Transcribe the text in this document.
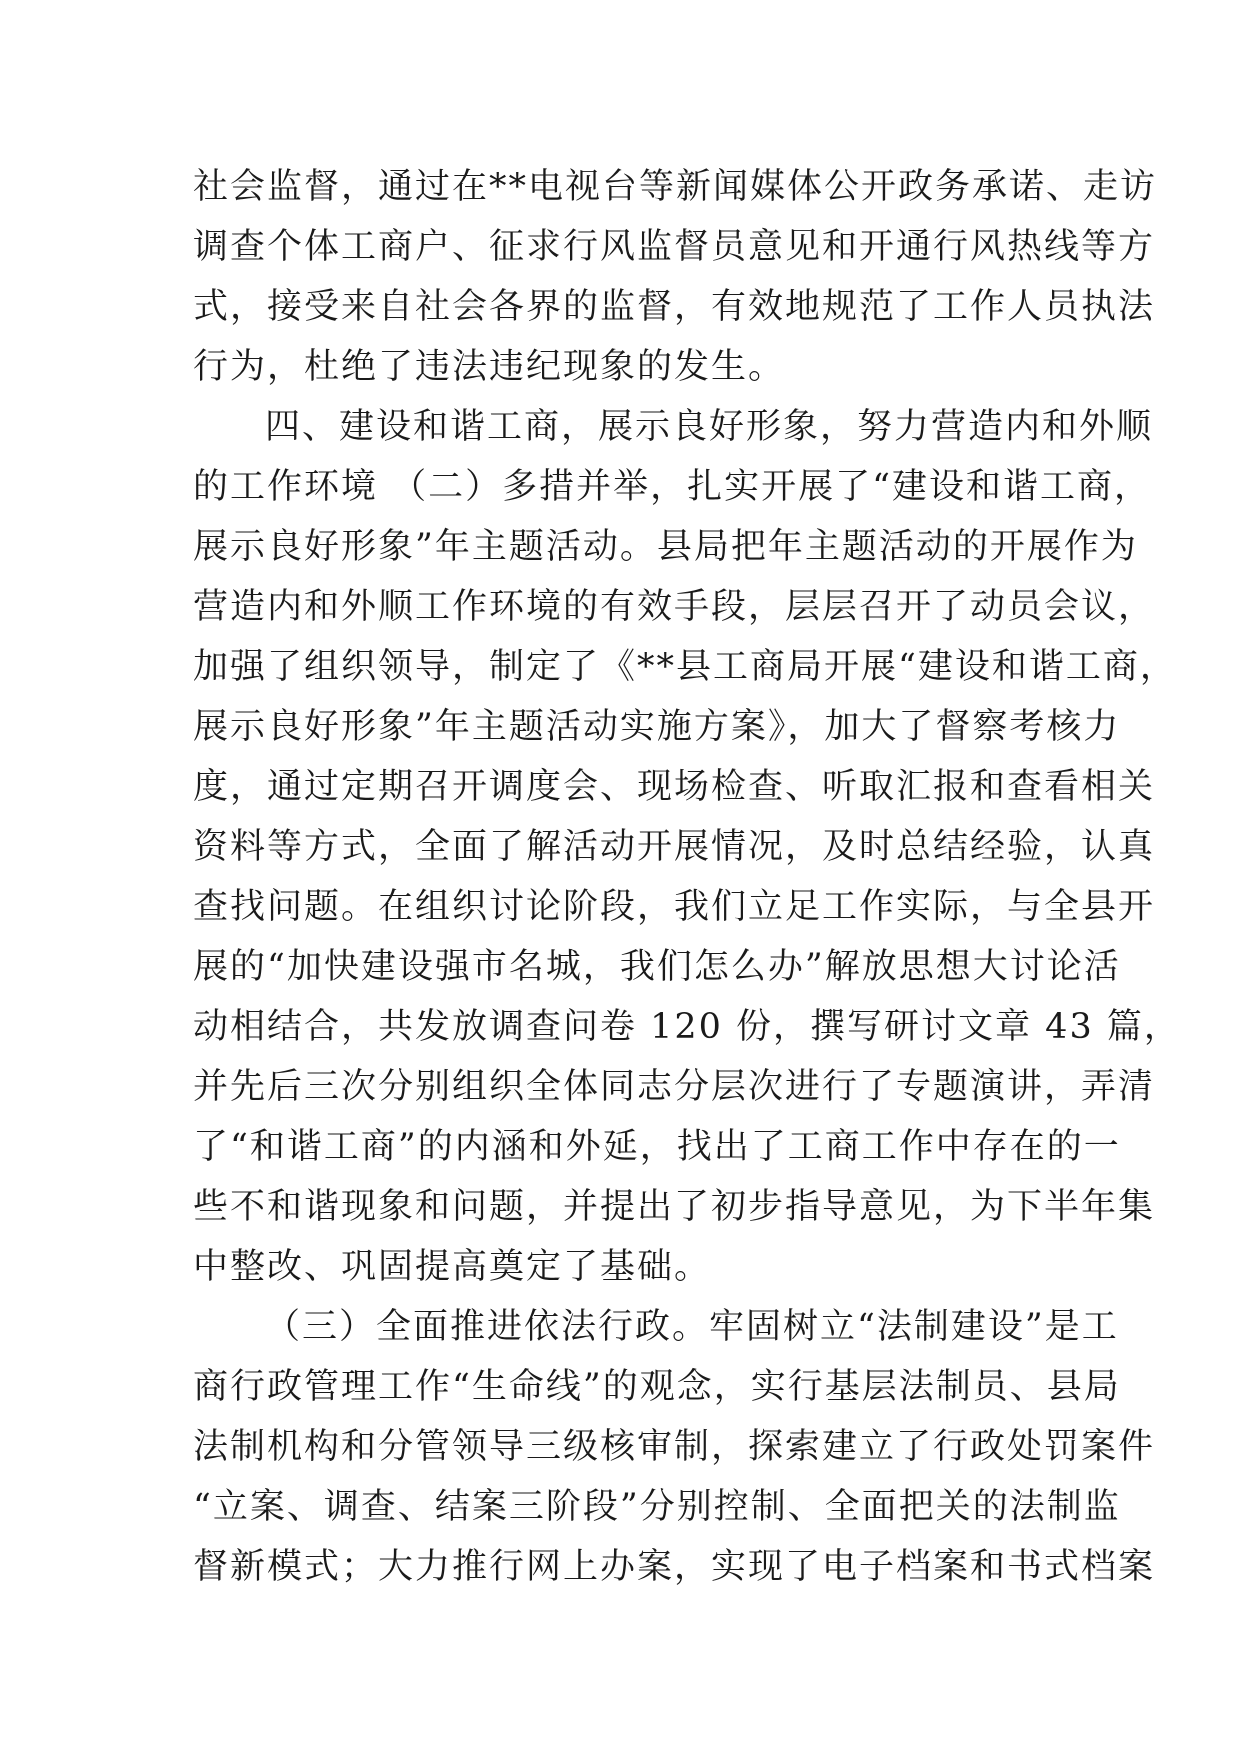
社会监督，通过在**电视台等新闻媒体公开政务承诺、走访
调查个体工商户、征求行风监督员意见和开通行风热线等方
式，接受来自社会各界的监督，有效地规范了工作人员执法
行为，杜绝了违法违纪现象的发生。
四、建设和谐工商，展示良好形象，努力营造内和外顺
的工作环境 （二）多措并举，扎实开展了“建设和谐工商，
展示良好形象”年主题活动。县局把年主题活动的开展作为
营造内和外顺工作环境的有效手段，层层召开了动员会议，
加强了组织领导，制定了《**县工商局开展“建设和谐工商，
展示良好形象”年主题活动实施方案》，加大了督察考核力
度，通过定期召开调度会、现场检查、听取汇报和查看相关
资料等方式，全面了解活动开展情况，及时总结经验，认真
查找问题。在组织讨论阶段，我们立足工作实际，与全县开
展的“加快建设强市名城，我们怎么办”解放思想大讨论活
动相结合，共发放调查问卷 120 份，撰写研讨文章 43 篇，
并先后三次分别组织全体同志分层次进行了专题演讲，弄清
了“和谐工商”的内涵和外延，找出了工商工作中存在的一
些不和谐现象和问题，并提出了初步指导意见，为下半年集
中整改、巩固提高奠定了基础。
（三）全面推进依法行政。牢固树立“法制建设”是工
商行政管理工作“生命线”的观念，实行基层法制员、县局
法制机构和分管领导三级核审制，探索建立了行政处罚案件
“立案、调查、结案三阶段”分别控制、全面把关的法制监
督新模式；大力推行网上办案，实现了电子档案和书式档案
